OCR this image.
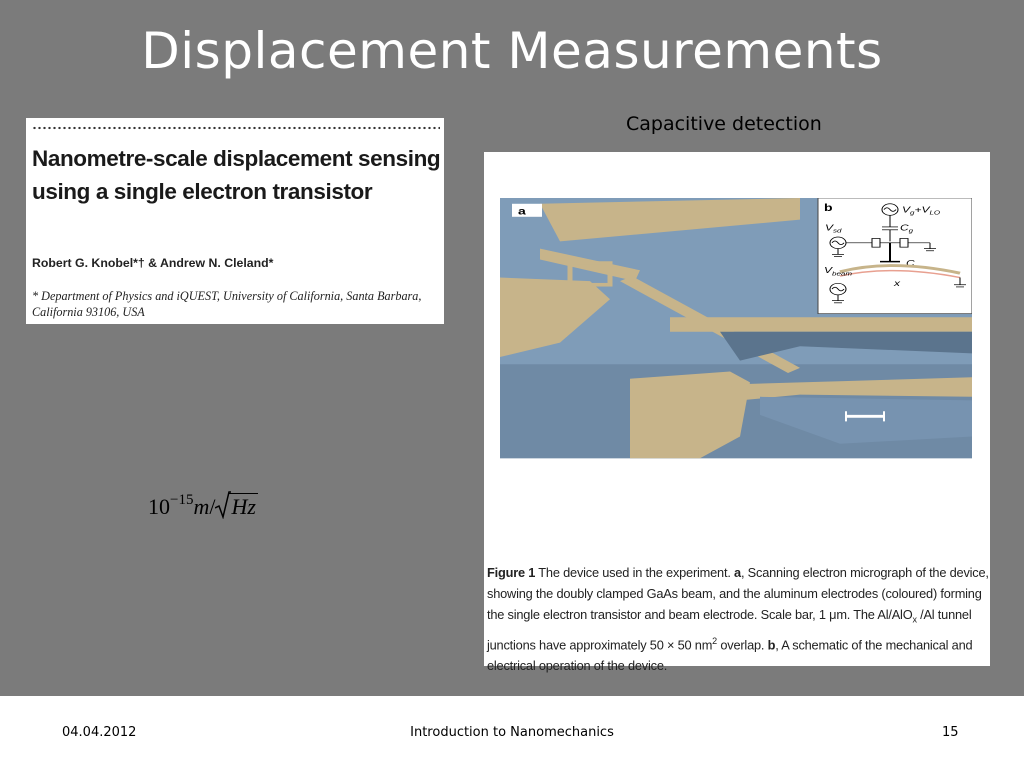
Displacement Measurements
Nanometre-scale displacement sensing using a single electron transistor
Robert G. Knobel*† & Andrew N. Cleland*
* Department of Physics and iQUEST, University of California, Santa Barbara, California 93106, USA
$10^{-15}m/$ Hz
Capacitive detection
a	b	$V_g+V_{LO}$
$C_g$
$V_{sd}$
C
$V_{beam}$
x
Figure 1 The device used in the experiment. a, Scanning electron micrograph of the device, showing the doubly clamped GaAs beam, and the aluminum electrodes (coloured) forming the single electron transistor and beam electrode. Scale bar, 1 μm. The Al/AlO$_x$ /Al tunnel junctions have approximately 50 × 50 $nm^2$ overlap. b, A schematic of the mechanical and electrical operation of the device.
04.04.2012	Introduction to Nanomechanics	15
